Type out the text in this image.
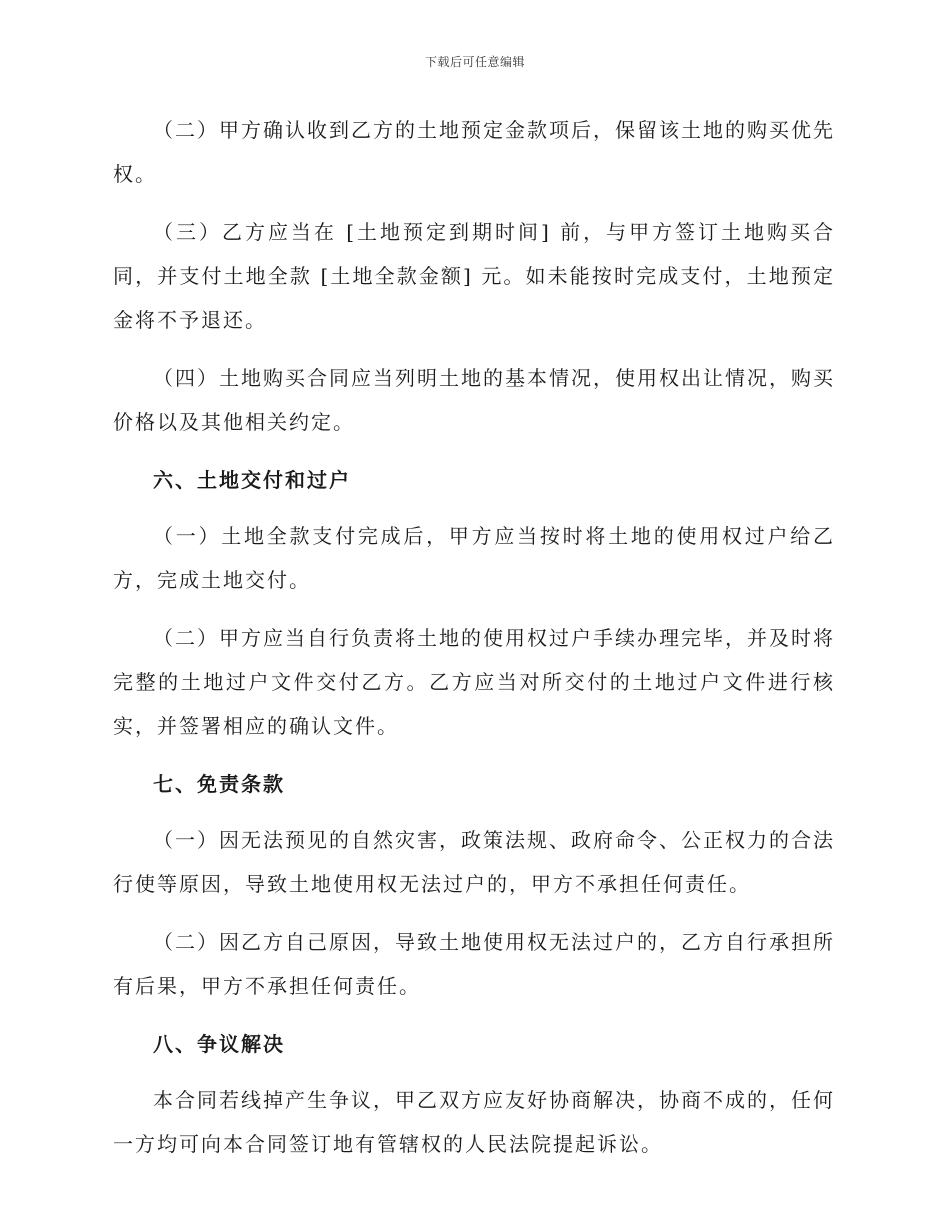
下载后可任意编辑

（二）甲方确认收到乙方的土地预定金款项后，保留该土地的购买优先权。

（三）乙方应当在 [土地预定到期时间] 前，与甲方签订土地购买合同，并支付土地全款 [土地全款金额] 元。如未能按时完成支付，土地预定金将不予退还。

（四）土地购买合同应当列明土地的基本情况，使用权出让情况，购买价格以及其他相关约定。

六、土地交付和过户

（一）土地全款支付完成后，甲方应当按时将土地的使用权过户给乙方，完成土地交付。

（二）甲方应当自行负责将土地的使用权过户手续办理完毕，并及时将完整的土地过户文件交付乙方。乙方应当对所交付的土地过户文件进行核实，并签署相应的确认文件。

七、免责条款

（一）因无法预见的自然灾害，政策法规、政府命令、公正权力的合法行使等原因，导致土地使用权无法过户的，甲方不承担任何责任。

（二）因乙方自己原因，导致土地使用权无法过户的，乙方自行承担所有后果，甲方不承担任何责任。

八、争议解决

本合同若线掉产生争议，甲乙双方应友好协商解决，协商不成的，任何一方均可向本合同签订地有管辖权的人民法院提起诉讼。
